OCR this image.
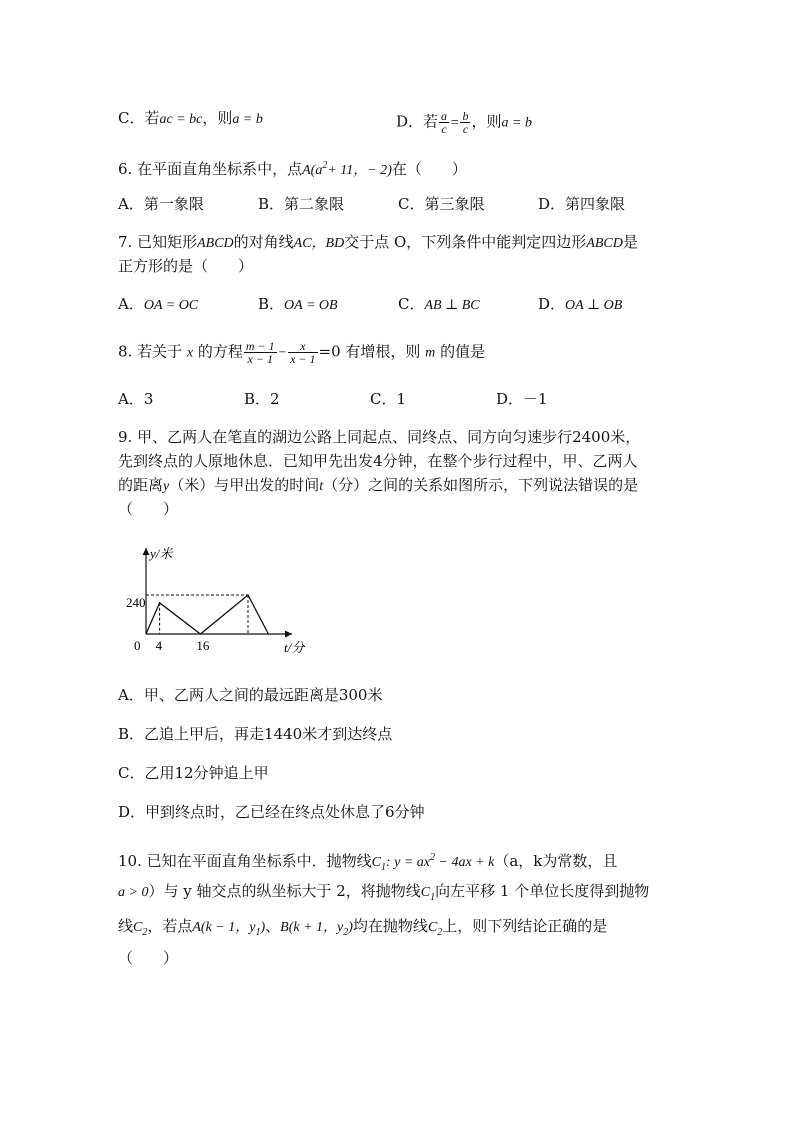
C．若ac = bc，则a = b	D．若 $\frac{a}{c} = \frac{b}{c}$ ，则a = b
6. 在平面直角坐标系中，点$A(a^2+ 11$，− 2)在（　　）
A．第一象限	B．第二象限	C．第三象限	D．第四象限
7. 已知矩形ABCD的对角线AC，BD交于点 O，下列条件中能判定四边形ABCD是
正方形的是（　　）
A．OA = OC	B．OA = OB	C．AB ⊥ BC	D．OA ⊥ OB
8. 若关于 x 的方程 $\frac{m - 1}{x - 1} - \frac{x}{x - 1} =0$ 有增根，则 m 的值是
A．3	B．2	C．1	D．－1
9. 甲、乙两人在笔直的湖边公路上同起点、同终点、同方向匀速步行2400米，
先到终点的人原地休息．已知甲先出发4分钟，在整个步行过程中，甲、乙两人
的距离y（米）与甲出发的时间t（分）之间的关系如图所示，下列说法错误的是
（　　）
y/米
t/分
240
0 4	16
A．甲、乙两人之间的最远距离是300米
B．乙追上甲后，再走1440米才到达终点
C．乙用12分钟追上甲
D．甲到终点时，乙已经在终点处休息了6分钟
10. 已知在平面直角坐标系中．抛物线$C_1$: $y = ax^2 - 4ax + k(a$，k为常数，且
a > 0）与 y 轴交点的纵坐标大于 2，将抛物线$C_1$向左平移 1 个单位长度得到抛物
线$C_2$，若点A(k − 1，$y_1$)、B(k + 1，$y_2$)均在抛物线$C_2$上，则下列结论正确的是
（　　）
